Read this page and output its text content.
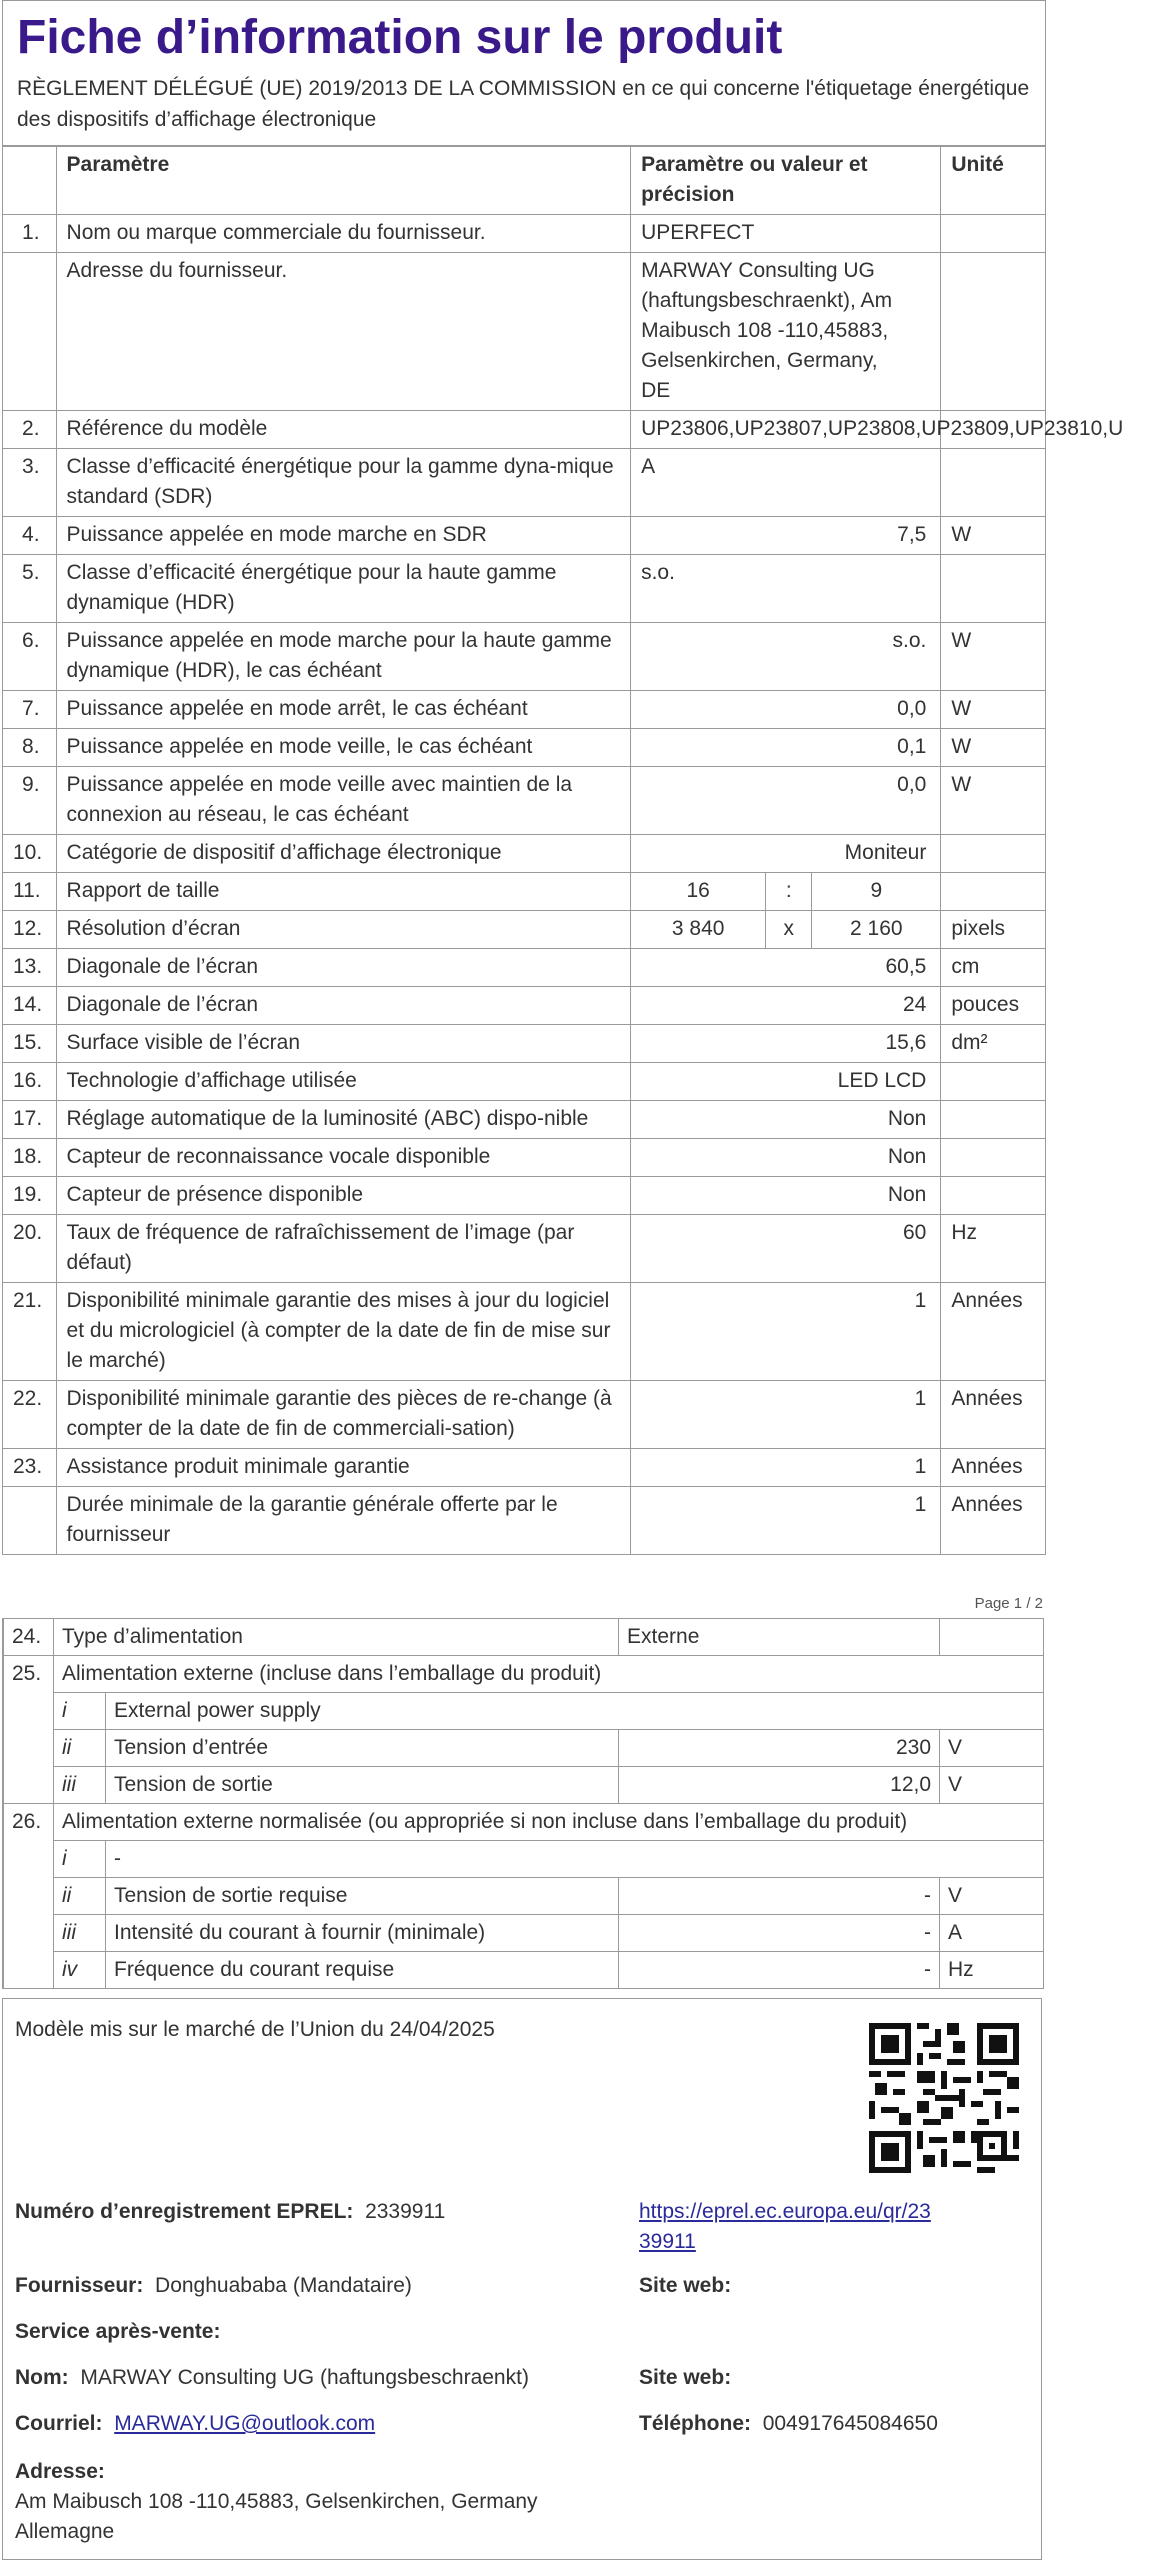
Fiche d’information sur le produit

RÈGLEMENT DÉLÉGUÉ (UE) 2019/2013 DE LA COMMISSION en ce qui concerne l'étiquetage énergétique des dispositifs d’affichage électronique

	Paramètre	Paramètre ou valeur et précision			Unité
1.	Nom ou marque commerciale du fournisseur.	UPERFECT			
	Adresse du fournisseur.	MARWAY Consulting UG (haftungsbeschraenkt), Am Maibusch 108 -110,45883, Gelsenkirchen, Germany, DE			
2.	Référence du modèle	UP23806,UP23807,UP23808,UP23809,UP23810,U			
3.	Classe d’efficacité énergétique pour la gamme dyna-mique standard (SDR)	A			
4.	Puissance appelée en mode marche en SDR	7,5			W
5.	Classe d’efficacité énergétique pour la haute gamme dynamique (HDR)	s.o.			
6.	Puissance appelée en mode marche pour la haute gamme dynamique (HDR), le cas échéant	s.o.			W
7.	Puissance appelée en mode arrêt, le cas échéant	0,0			W
8.	Puissance appelée en mode veille, le cas échéant	0,1			W
9.	Puissance appelée en mode veille avec maintien de la connexion au réseau, le cas échéant	0,0			W
10.	Catégorie de dispositif d’affichage électronique	Moniteur			
11.	Rapport de taille	16	:	9	
12.	Résolution d’écran	3 840	x	2 160	pixels
13.	Diagonale de l’écran	60,5			cm
14.	Diagonale de l’écran	24			pouces
15.	Surface visible de l’écran	15,6			dm²
16.	Technologie d’affichage utilisée	LED LCD			
17.	Réglage automatique de la luminosité (ABC) dispo-nible	Non			
18.	Capteur de reconnaissance vocale disponible	Non			
19.	Capteur de présence disponible	Non			
20.	Taux de fréquence de rafraîchissement de l’image (par défaut)	60			Hz
21.	Disponibilité minimale garantie des mises à jour du logiciel et du micrologiciel (à compter de la date de fin de mise sur le marché)	1			Années
22.	Disponibilité minimale garantie des pièces de re-change (à compter de la date de fin de commerciali-sation)	1			Années
23.	Assistance produit minimale garantie	1			Années
	Durée minimale de la garantie générale offerte par le fournisseur	1			Années
Page 1 / 2
24.	Type d’alimentation		Externe	
25.	Alimentation externe (incluse dans l’emballage du produit)			
	i	External power supply		
	ii	Tension d’entrée	230	V
	iii	Tension de sortie	12,0	V
26.	Alimentation externe normalisée (ou appropriée si non incluse dans l’emballage du produit)			
	i	-		
	ii	Tension de sortie requise	-	V
	iii	Intensité du courant à fournir (minimale)	-	A
	iv	Fréquence du courant requise	-	Hz
Modèle mis sur le marché de l’Union du 24/04/2025
Numéro d’enregistrement EPREL: 2339911	https://eprel.ec.europa.eu/qr/23
39911
Fournisseur: Donghuababa (Mandataire)	Site web:
Service après-vente:
Nom: MARWAY Consulting UG (haftungsbeschraenkt)	Site web:
Courriel: MARWAY.UG@outlook.com	Téléphone: 004917645084650
Adresse:
Am Maibusch 108 -110,45883, Gelsenkirchen, Germany
Allemagne
